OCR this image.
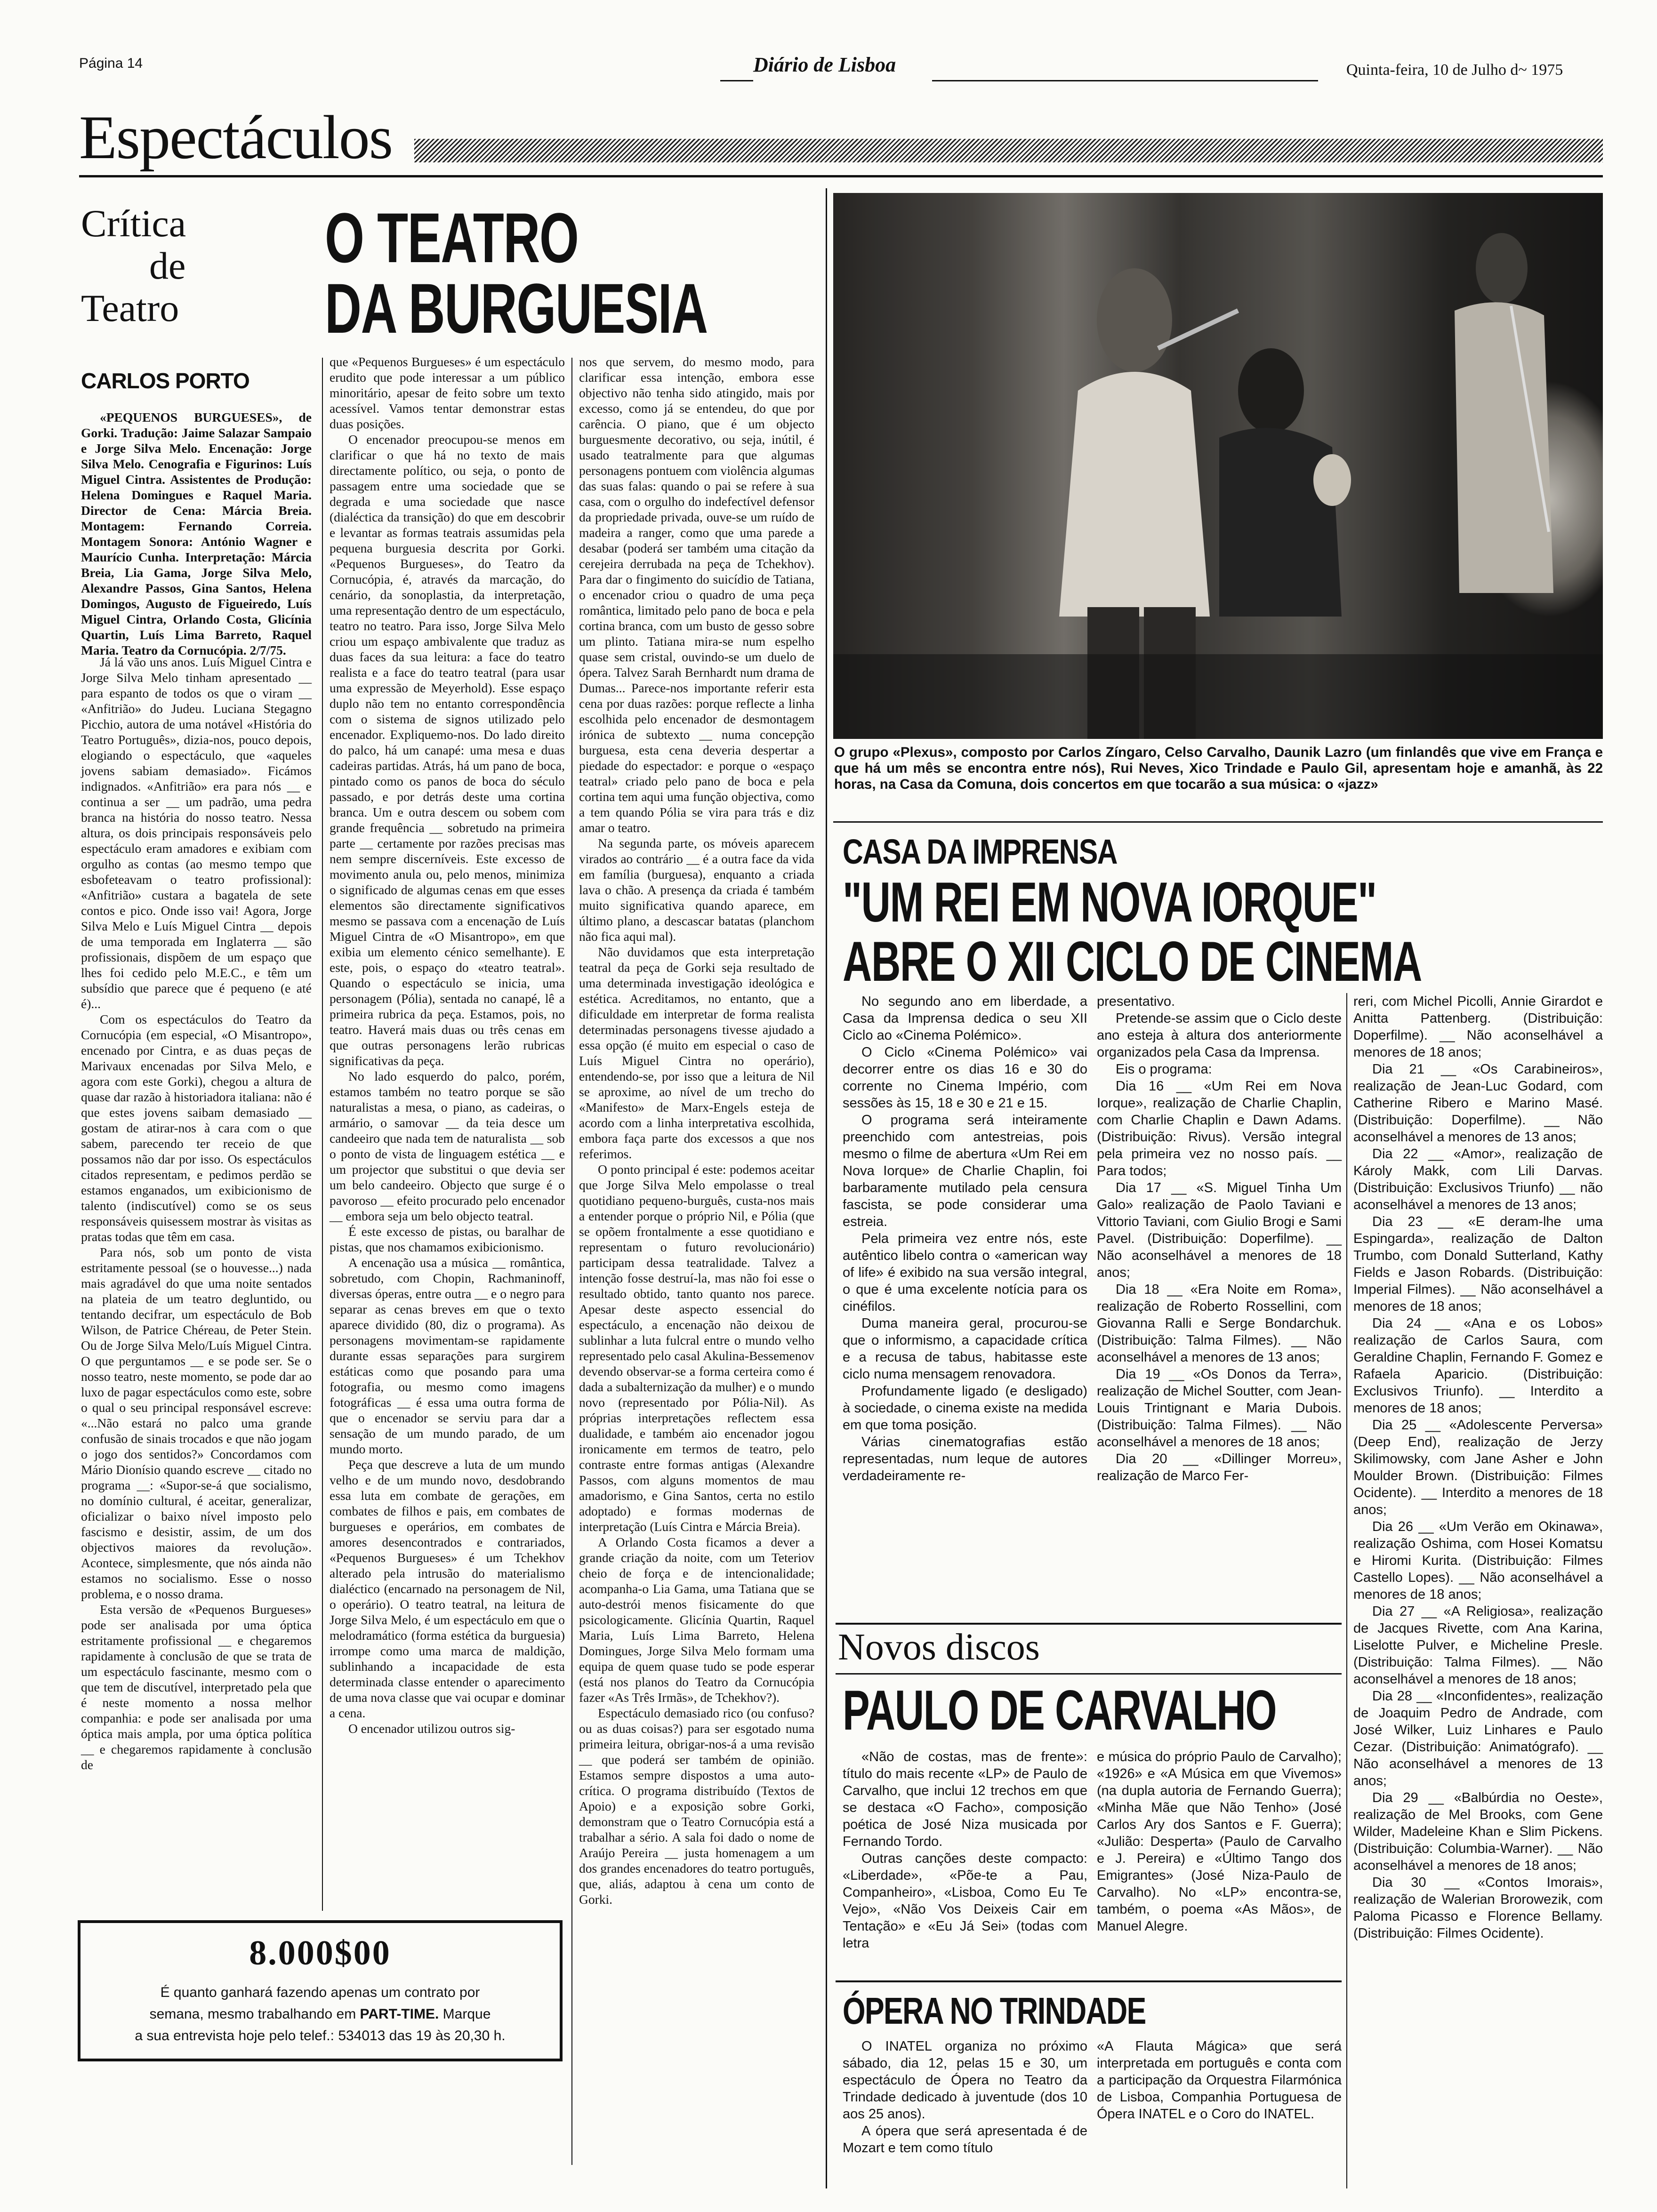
Página 14	Diário de Lisboa	Quinta-feira, 10 de Julho d~ 1975
Espectáculos
Crítica
de
Teatro
CARLOS PORTO
O TEATRO
DA BURGUESIA

«PEQUENOS BURGUESES», de Gorki. Tradução: Jaime Salazar Sampaio e Jorge Silva Melo. Encenação: Jorge Silva Melo. Cenografia e Figurinos: Luís Miguel Cintra. Assistentes de Produção: Helena Domingues e Raquel Maria. Director de Cena: Márcia Breia. Montagem: Fernando Correia. Montagem Sonora: António Wagner e Maurício Cunha. Interpretação: Márcia Breia, Lia Gama, Jorge Silva Melo, Alexandre Passos, Gina Santos, Helena Domingos, Augusto de Figueiredo, Luís Miguel Cintra, Orlando Costa, Glicínia Quartin, Luís Lima Barreto, Raquel Maria. Teatro da Cornucópia. 2/7/75.

Já lá vão uns anos. Luís Miguel Cintra e Jorge Silva Melo tinham apresentado __ para espanto de todos os que o viram __ «Anfitrião» do Judeu. Luciana Stegagno Picchio, autora de uma notável «História do Teatro Português», dizia-nos, pouco depois, elogiando o espectáculo, que «aqueles jovens sabiam demasiado». Ficámos indignados. «Anfitrião» era para nós __ e continua a ser __ um padrão, uma pedra branca na história do nosso teatro. Nessa altura, os dois principais responsáveis pelo espectáculo eram amadores e exibiam com orgulho as contas (ao mesmo tempo que esbofeteavam o teatro profissional): «Anfitrião» custara a bagatela de sete contos e pico. Onde isso vai! Agora, Jorge Silva Melo e Luís Miguel Cintra __ depois de uma temporada em Inglaterra __ são profissionais, dispõem de um espaço que lhes foi cedido pelo M.E.C., e têm um subsídio que parece que é pequeno (e até é)...

Com os espectáculos do Teatro da Cornucópia (em especial, «O Misantropo», encenado por Cintra, e as duas peças de Marivaux encenadas por Silva Melo, e agora com este Gorki), chegou a altura de quase dar razão à historiadora italiana: não é que estes jovens saibam demasiado __ gostam de atirar-nos à cara com o que sabem, parecendo ter receio de que possamos não dar por isso. Os espectáculos citados representam, e pedimos perdão se estamos enganados, um exibicionismo de talento (indiscutível) como se os seus responsáveis quisessem mostrar às visitas as pratas todas que têm em casa.

Para nós, sob um ponto de vista estritamente pessoal (se o houvesse...) nada mais agradável do que uma noite sentados na plateia de um teatro degluntido, ou tentando decifrar, um espectáculo de Bob Wilson, de Patrice Chéreau, de Peter Stein. Ou de Jorge Silva Melo/Luís Miguel Cintra. O que perguntamos __ e se pode ser. Se o nosso teatro, neste momento, se pode dar ao luxo de pagar espectáculos como este, sobre o qual o seu principal responsável escreve: «...Não estará no palco uma grande confusão de sinais trocados e que não jogam o jogo dos sentidos?» Concordamos com Mário Dionísio quando escreve __ citado no programa __: «Supor-se-á que socialismo, no domínio cultural, é aceitar, generalizar, oficializar o baixo nível imposto pelo fascismo e desistir, assim, de um dos objectivos maiores da revolução». Acontece, simplesmente, que nós ainda não estamos no socialismo. Esse o nosso problema, e o nosso drama.

Esta versão de «Pequenos Burgueses» pode ser analisada por uma óptica estritamente profissional __ e chegaremos rapidamente à conclusão de que se trata de um espectáculo fascinante, mesmo com o que tem de discutível, interpretado pela que é neste momento a nossa melhor companhia: e pode ser analisada por uma óptica mais ampla, por uma óptica política __ e chegaremos rapidamente à conclusão de

que «Pequenos Burgueses» é um espectáculo erudito que pode interessar a um público minoritário, apesar de feito sobre um texto acessível. Vamos tentar demonstrar estas duas posições.

O encenador preocupou-se menos em clarificar o que há no texto de mais directamente político, ou seja, o ponto de passagem entre uma sociedade que se degrada e uma sociedade que nasce (dialéctica da transição) do que em descobrir e levantar as formas teatrais assumidas pela pequena burguesia descrita por Gorki. «Pequenos Burgueses», do Teatro da Cornucópia, é, através da marcação, do cenário, da sonoplastia, da interpretação, uma representação dentro de um espectáculo, teatro no teatro. Para isso, Jorge Silva Melo criou um espaço ambivalente que traduz as duas faces da sua leitura: a face do teatro realista e a face do teatro teatral (para usar uma expressão de Meyerhold). Esse espaço duplo não tem no entanto correspondência com o sistema de signos utilizado pelo encenador. Expliquemo-nos. Do lado direito do palco, há um canapé: uma mesa e duas cadeiras partidas. Atrás, há um pano de boca, pintado como os panos de boca do século passado, e por detrás deste uma cortina branca. Um e outra descem ou sobem com grande frequência __ sobretudo na primeira parte __ certamente por razões precisas mas nem sempre discerníveis. Este excesso de movimento anula ou, pelo menos, minimiza o significado de algumas cenas em que esses elementos são directamente significativos mesmo se passava com a encenação de Luís Miguel Cintra de «O Misantropo», em que exibia um elemento cénico semelhante). E este, pois, o espaço do «teatro teatral». Quando o espectáculo se inicia, uma personagem (Pólia), sentada no canapé, lê a primeira rubrica da peça. Estamos, pois, no teatro. Haverá mais duas ou três cenas em que outras personagens lerão rubricas significativas da peça.

No lado esquerdo do palco, porém, estamos também no teatro porque se são naturalistas a mesa, o piano, as cadeiras, o armário, o samovar __ da teia desce um candeeiro que nada tem de naturalista __ sob o ponto de vista de linguagem estética __ e um projector que substitui o que devia ser um belo candeeiro. Objecto que surge é o pavoroso __ efeito procurado pelo encenador __ embora seja um belo objecto teatral.

É este excesso de pistas, ou baralhar de pistas, que nos chamamos exibicionismo.

A encenação usa a música __ romântica, sobretudo, com Chopin, Rachmaninoff, diversas óperas, entre outra __ e o negro para separar as cenas breves em que o texto aparece dividido (80, diz o programa). As personagens movimentam-se rapidamente durante essas separações para surgirem estáticas como que posando para uma fotografia, ou mesmo como imagens fotográficas __ é essa uma outra forma de que o encenador se serviu para dar a sensação de um mundo parado, de um mundo morto.

Peça que descreve a luta de um mundo velho e de um mundo novo, desdobrando essa luta em combate de gerações, em combates de filhos e pais, em combates de burgueses e operários, em combates de amores desencontrados e contrariados, «Pequenos Burgueses» é um Tchekhov alterado pela intrusão do materialismo dialéctico (encarnado na personagem de Nil, o operário). O teatro teatral, na leitura de Jorge Silva Melo, é um espectáculo em que o melodramático (forma estética da burguesia) irrompe como uma marca de maldição, sublinhando a incapacidade de esta determinada classe entender o aparecimento de uma nova classe que vai ocupar e dominar a cena.

O encenador utilizou outros sig-

nos que servem, do mesmo modo, para clarificar essa intenção, embora esse objectivo não tenha sido atingido, mais por excesso, como já se entendeu, do que por carência. O piano, que é um objecto burguesmente decorativo, ou seja, inútil, é usado teatralmente para que algumas personagens pontuem com violência algumas das suas falas: quando o pai se refere à sua casa, com o orgulho do indefectível defensor da propriedade privada, ouve-se um ruído de madeira a ranger, como que uma parede a desabar (poderá ser também uma citação da cerejeira derrubada na peça de Tchekhov). Para dar o fingimento do suicídio de Tatiana, o encenador criou o quadro de uma peça romântica, limitado pelo pano de boca e pela cortina branca, com um busto de gesso sobre um plinto. Tatiana mira-se num espelho quase sem cristal, ouvindo-se um duelo de ópera. Talvez Sarah Bernhardt num drama de Dumas... Parece-nos importante referir esta cena por duas razões: porque reflecte a linha escolhida pelo encenador de desmontagem irónica de subtexto __ numa concepção burguesa, esta cena deveria despertar a piedade do espectador: e porque o «espaço teatral» criado pelo pano de boca e pela cortina tem aqui uma função objectiva, como a tem quando Pólia se vira para trás e diz amar o teatro.

Na segunda parte, os móveis aparecem virados ao contrário __ é a outra face da vida em família (burguesa), enquanto a criada lava o chão. A presença da criada é também muito significativa quando aparece, em último plano, a descascar batatas (planchom não fica aqui mal).

Não duvidamos que esta interpretação teatral da peça de Gorki seja resultado de uma determinada investigação ideológica e estética. Acreditamos, no entanto, que a dificuldade em interpretar de forma realista determinadas personagens tivesse ajudado a essa opção (é muito em especial o caso de Luís Miguel Cintra no operário), entendendo-se, por isso que a leitura de Nil se aproxime, ao nível de um trecho do «Manifesto» de Marx-Engels esteja de acordo com a linha interpretativa escolhida, embora faça parte dos excessos a que nos referimos.

O ponto principal é este: podemos aceitar que Jorge Silva Melo empolasse o treal quotidiano pequeno-burguês, custa-nos mais a entender porque o próprio Nil, e Pólia (que se opõem frontalmente a esse quotidiano e representam o futuro revolucionário) participam dessa teatralidade. Talvez a intenção fosse destruí-la, mas não foi esse o resultado obtido, tanto quanto nos parece. Apesar deste aspecto essencial do espectáculo, a encenação não deixou de sublinhar a luta fulcral entre o mundo velho representado pelo casal Akulina-Bessemenov devendo observar-se a forma certeira como é dada a subalternização da mulher) e o mundo novo (representado por Pólia-Nil). As próprias interpretações reflectem essa dualidade, e também aio encenador jogou ironicamente em termos de teatro, pelo contraste entre formas antigas (Alexandre Passos, com alguns momentos de mau amadorismo, e Gina Santos, certa no estilo adoptado) e formas modernas de interpretação (Luís Cintra e Márcia Breia).

A Orlando Costa ficamos a dever a grande criação da noite, com um Teteriov cheio de força e de intencionalidade; acompanha-o Lia Gama, uma Tatiana que se auto-destrói menos fisicamente do que psicologicamente. Glicínia Quartin, Raquel Maria, Luís Lima Barreto, Helena Domingues, Jorge Silva Melo formam uma equipa de quem quase tudo se pode esperar (está nos planos do Teatro da Cornucópia fazer «As Três Irmãs», de Tchekhov?).

Espectáculo demasiado rico (ou confuso? ou as duas coisas?) para ser esgotado numa primeira leitura, obrigar-nos-á a uma revisão __ que poderá ser também de opinião. Estamos sempre dispostos a uma auto-crítica. O programa distribuído (Textos de Apoio) e a exposição sobre Gorki, demonstram que o Teatro Cornucópia está a trabalhar a sério. A sala foi dado o nome de Araújo Pereira __ justa homenagem a um dos grandes encenadores do teatro português, que, aliás, adaptou à cena um conto de Gorki.

8.000$00
É quanto ganhará fazendo apenas um contrato por
semana, mesmo trabalhando em PART-TIME. Marque
a sua entrevista hoje pelo telef.: 534013 das 19 às 20,30 h.
O grupo «Plexus», composto por Carlos Zíngaro, Celso Carvalho, Daunik Lazro (um finlandês que vive em França e que há um mês se encontra entre nós), Rui Neves, Xico Trindade e Paulo Gil, apresentam hoje e amanhã, às 22 horas, na Casa da Comuna, dois concertos em que tocarão a sua música: o «jazz»
CASA DA IMPRENSA
"UM REI EM NOVA IORQUE"
ABRE O XII CICLO DE CINEMA

No segundo ano em liberdade, a Casa da Imprensa dedica o seu XII Ciclo ao «Cinema Polémico».

O Ciclo «Cinema Polémico» vai decorrer entre os dias 16 e 30 do corrente no Cinema Império, com sessões às 15, 18 e 30 e 21 e 15.

O programa será inteiramente preenchido com antestreias, pois mesmo o filme de abertura «Um Rei em Nova Iorque» de Charlie Chaplin, foi barbaramente mutilado pela censura fascista, se pode considerar uma estreia.

Pela primeira vez entre nós, este autêntico libelo contra o «american way of life» é exibido na sua versão integral, o que é uma excelente notícia para os cinéfilos.

Duma maneira geral, procurou-se que o informismo, a capacidade crítica e a recusa de tabus, habitasse este ciclo numa mensagem renovadora.

Profundamente ligado (e desligado) à sociedade, o cinema existe na medida em que toma posição.

Várias cinematografias estão representadas, num leque de autores verdadeiramente re-

presentativo.

Pretende-se assim que o Ciclo deste ano esteja à altura dos anteriormente organizados pela Casa da Imprensa.

Eis o programa:

Dia 16 __ «Um Rei em Nova Iorque», realização de Charlie Chaplin, com Charlie Chaplin e Dawn Adams. (Distribuição: Rivus). Versão integral pela primeira vez no nosso país. __ Para todos;

Dia 17 __ «S. Miguel Tinha Um Galo» realização de Paolo Taviani e Vittorio Taviani, com Giulio Brogi e Sami Pavel. (Distribuição: Doperfilme). __ Não aconselhável a menores de 18 anos;

Dia 18 __ «Era Noite em Roma», realização de Roberto Rossellini, com Giovanna Ralli e Serge Bondarchuk. (Distribuição: Talma Filmes). __ Não aconselhável a menores de 13 anos;

Dia 19 __ «Os Donos da Terra», realização de Michel Soutter, com Jean-Louis Trintignant e Maria Dubois. (Distribuição: Talma Filmes). __ Não aconselhável a menores de 18 anos;

Dia 20 __ «Dillinger Morreu», realização de Marco Fer-

reri, com Michel Picolli, Annie Girardot e Anitta Pattenberg. (Distribuição: Doperfilme). __ Não aconselhável a menores de 18 anos;

Dia 21 __ «Os Carabineiros», realização de Jean-Luc Godard, com Catherine Ribero e Marino Masé. (Distribuição: Doperfilme). __ Não aconselhável a menores de 13 anos;

Dia 22 __ «Amor», realização de Károly Makk, com Lili Darvas. (Distribuição: Exclusivos Triunfo) __ não aconselhável a menores de 13 anos;

Dia 23 __ «E deram-lhe uma Espingarda», realização de Dalton Trumbo, com Donald Sutterland, Kathy Fields e Jason Robards. (Distribuição: Imperial Filmes). __ Não aconselhável a menores de 18 anos;

Dia 24 __ «Ana e os Lobos» realização de Carlos Saura, com Geraldine Chaplin, Fernando F. Gomez e Rafaela Aparicio. (Distribuição: Exclusivos Triunfo). __ Interdito a menores de 18 anos;

Dia 25 __ «Adolescente Perversa» (Deep End), realização de Jerzy Skilimowsky, com Jane Asher e John Moulder Brown. (Distribuição: Filmes Ocidente). __ Interdito a menores de 18 anos;

Dia 26 __ «Um Verão em Okinawa», realização Oshima, com Hosei Komatsu e Hiromi Kurita. (Distribuição: Filmes Castello Lopes). __ Não aconselhável a menores de 18 anos;

Dia 27 __ «A Religiosa», realização de Jacques Rivette, com Ana Karina, Liselotte Pulver, e Micheline Presle. (Distribuição: Talma Filmes). __ Não aconselhável a menores de 18 anos;

Dia 28 __ «Inconfidentes», realização de Joaquim Pedro de Andrade, com José Wilker, Luiz Linhares e Paulo Cezar. (Distribuição: Animatógrafo). __ Não aconselhável a menores de 13 anos;

Dia 29 __ «Balbúrdia no Oeste», realização de Mel Brooks, com Gene Wilder, Madeleine Khan e Slim Pickens. (Distribuição: Columbia-Warner). __ Não aconselhável a menores de 18 anos;

Dia 30 __ «Contos Imorais», realização de Walerian Brorowezik, com Paloma Picasso e Florence Bellamy. (Distribuição: Filmes Ocidente).

Novos discos
PAULO DE CARVALHO

«Não de costas, mas de frente»: título do mais recente «LP» de Paulo de Carvalho, que inclui 12 trechos em que se destaca «O Facho», composição poética de José Niza musicada por Fernando Tordo.

Outras canções deste compacto: «Liberdade», «Põe-te a Pau, Companheiro», «Lisboa, Como Eu Te Vejo», «Não Vos Deixeis Cair em Tentação» e «Eu Já Sei» (todas com letra

e música do próprio Paulo de Carvalho); «1926» e «A Música em que Vivemos» (na dupla autoria de Fernando Guerra); «Minha Mãe que Não Tenho» (José Carlos Ary dos Santos e F. Guerra); «Julião: Desperta» (Paulo de Carvalho e J. Pereira) e «Último Tango dos Emigrantes» (José Niza-Paulo de Carvalho). No «LP» encontra-se, também, o poema «As Mãos», de Manuel Alegre.

ÓPERA NO TRINDADE

O INATEL organiza no próximo sábado, dia 12, pelas 15 e 30, um espectáculo de Ópera no Teatro da Trindade dedicado à juventude (dos 10 aos 25 anos).

A ópera que será apresentada é de Mozart e tem como título

«A Flauta Mágica» que será interpretada em português e conta com a participação da Orquestra Filarmónica de Lisboa, Companhia Portuguesa de Ópera INATEL e o Coro do INATEL.
